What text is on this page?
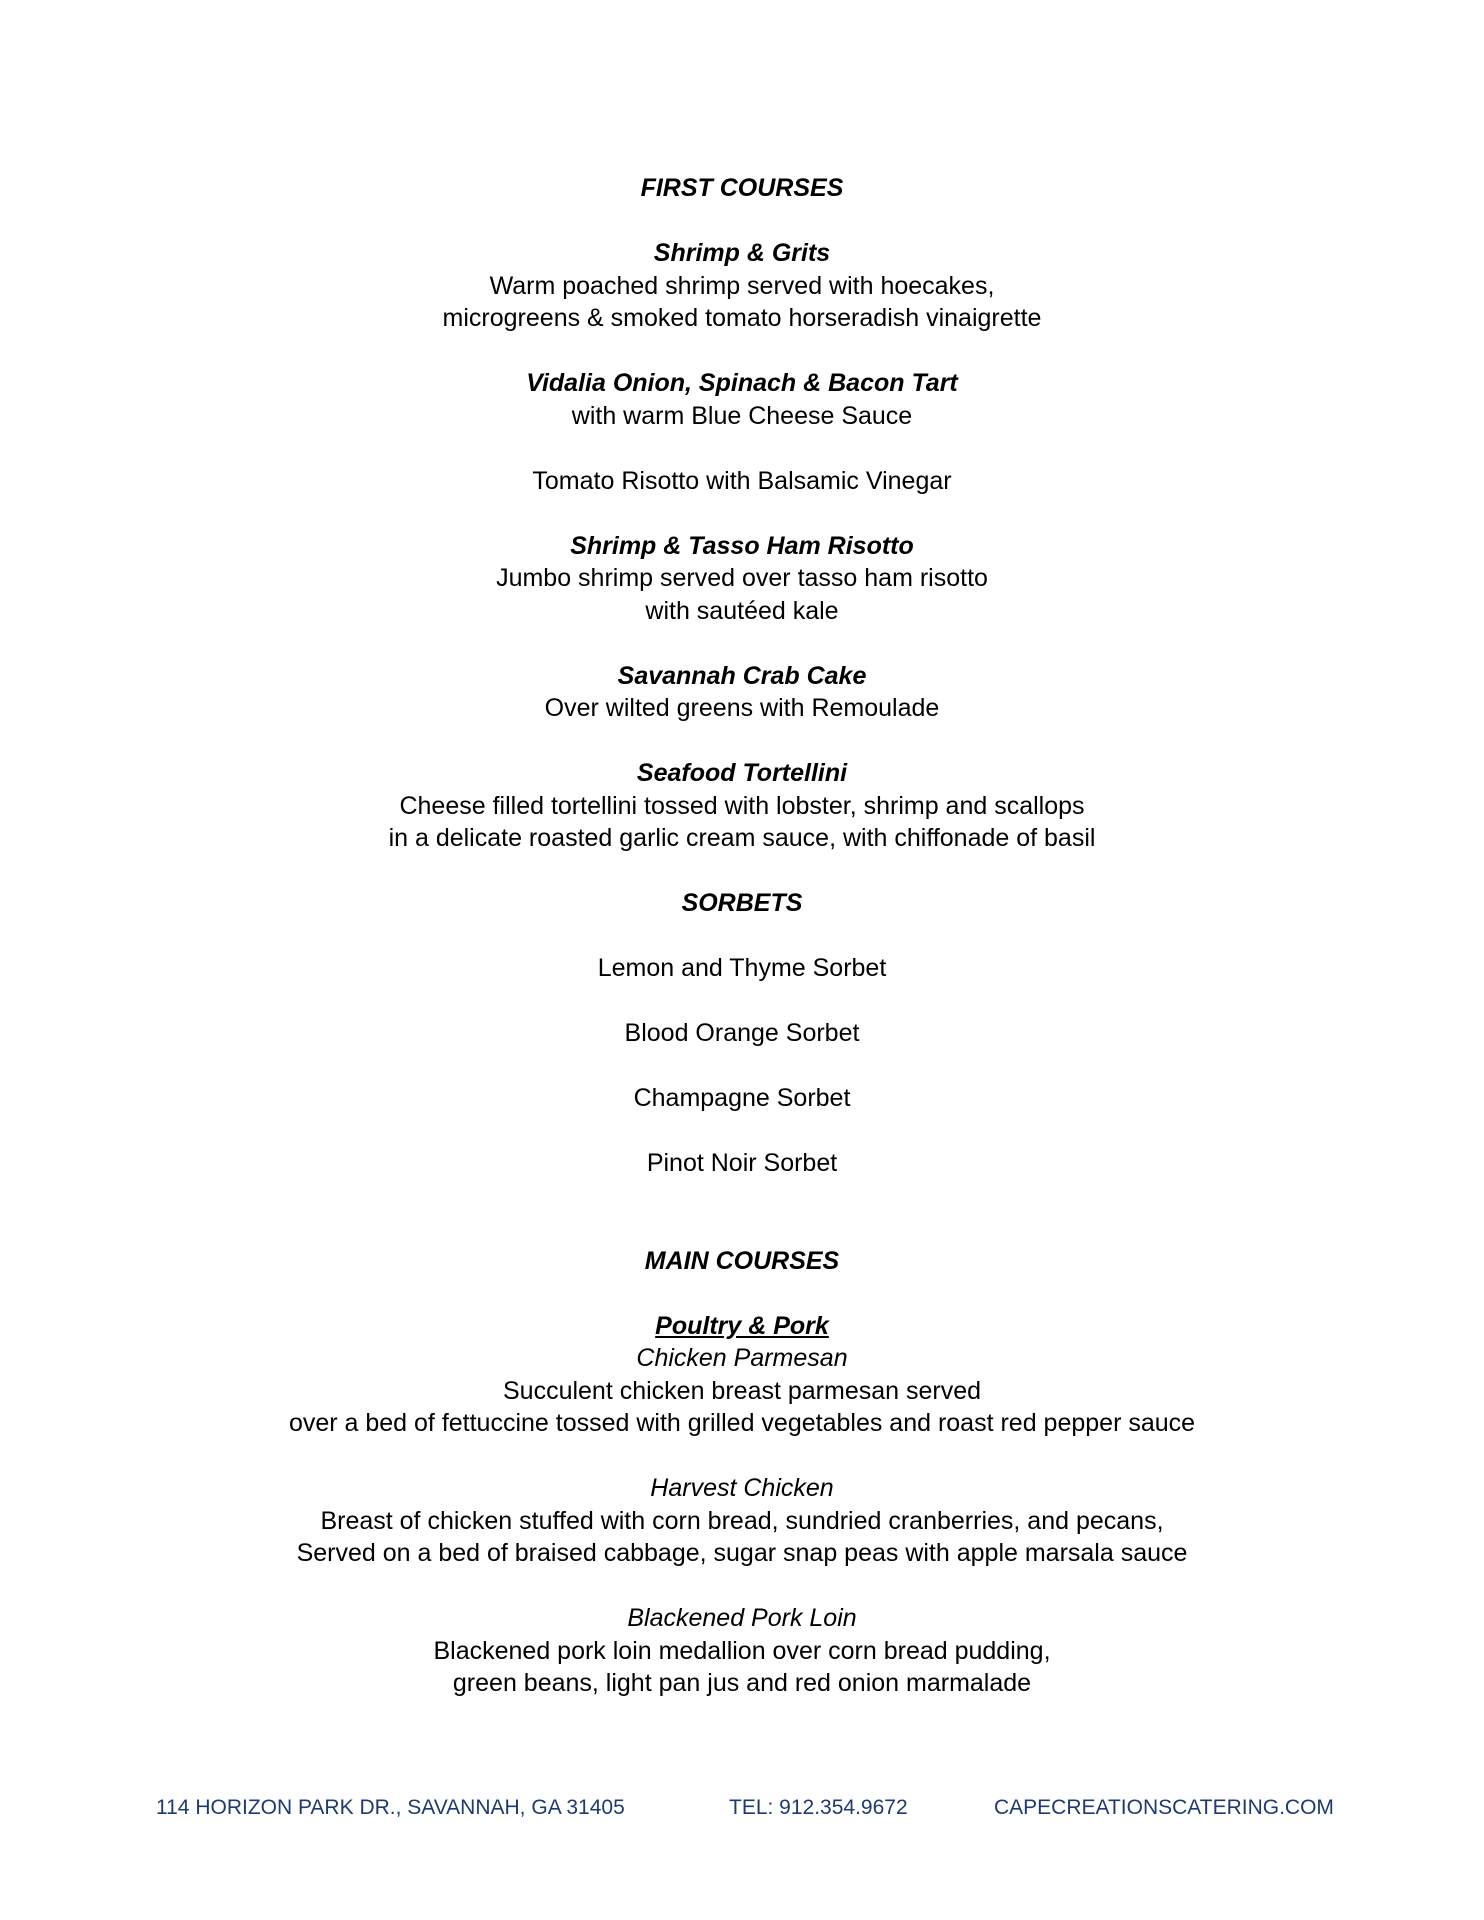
FIRST COURSES
Shrimp & Grits
Warm poached shrimp served with hoecakes,
microgreens & smoked tomato horseradish vinaigrette
Vidalia Onion, Spinach & Bacon Tart
with warm Blue Cheese Sauce
Tomato Risotto with Balsamic Vinegar
Shrimp & Tasso Ham Risotto
Jumbo shrimp served over tasso ham risotto
with sautéed kale
Savannah Crab Cake
Over wilted greens with Remoulade
Seafood Tortellini
Cheese filled tortellini tossed with lobster, shrimp and scallops
in a delicate roasted garlic cream sauce, with chiffonade of basil
SORBETS
Lemon and Thyme Sorbet
Blood Orange Sorbet
Champagne Sorbet
Pinot Noir Sorbet
MAIN COURSES
Poultry & Pork
Chicken Parmesan
Succulent chicken breast parmesan served
over a bed of fettuccine tossed with grilled vegetables and roast red pepper sauce
Harvest Chicken
Breast of chicken stuffed with corn bread, sundried cranberries, and pecans,
Served on a bed of braised cabbage, sugar snap peas with apple marsala sauce
Blackened Pork Loin
Blackened pork loin medallion over corn bread pudding,
green beans, light pan jus and red onion marmalade
114 HORIZON PARK DR., SAVANNAH, GA 31405	TEL: 912.354.9672	CAPECREATIONSCATERING.COM
